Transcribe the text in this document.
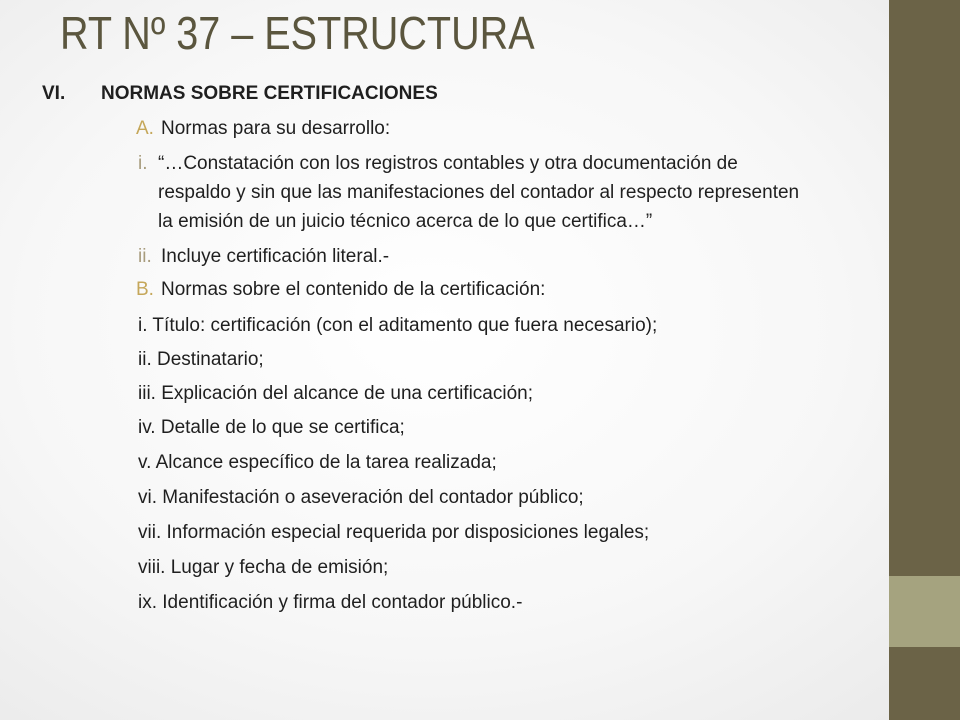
RT Nº 37 – ESTRUCTURA
VI. NORMAS SOBRE CERTIFICACIONES
A. Normas para su desarrollo:
i. “…Constatación con los registros contables y otra documentación de
respaldo y sin que las manifestaciones del contador al respecto representen
la emisión de un juicio técnico acerca de lo que certifica…”
ii. Incluye certificación literal.-
B. Normas sobre el contenido de la certificación:
i. Título: certificación (con el aditamento que fuera necesario);
ii. Destinatario;
iii. Explicación del alcance de una certificación;
iv. Detalle de lo que se certifica;
v. Alcance específico de la tarea realizada;
vi. Manifestación o aseveración del contador público;
vii. Información especial requerida por disposiciones legales;
viii. Lugar y fecha de emisión;
ix. Identificación y firma del contador público.-
